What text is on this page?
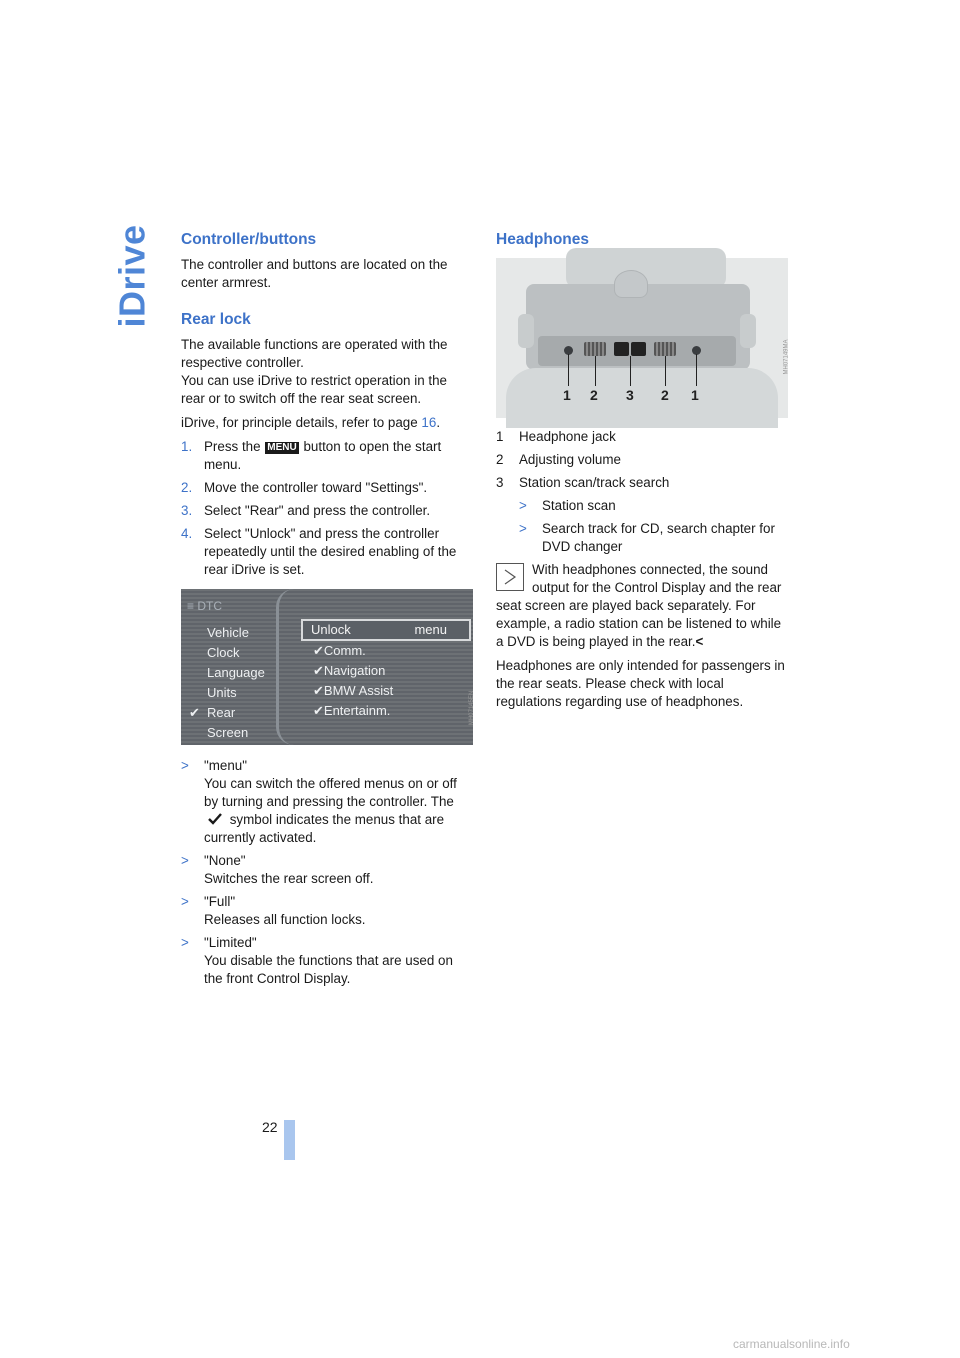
iDrive Controller/buttons

The controller and buttons are located on the center armrest.

Rear lock

The available functions are operated with the respective controller.

You can use iDrive to restrict operation in the rear or to switch off the rear seat screen.

iDrive, for principle details, refer to page 16.

1. Press the MENU button to open the start menu.
2. Move the controller toward "Settings".
3. Select "Rear" and press the controller.
4. Select "Unlock" and press the controller repeatedly until the desired enabling of the rear iDrive is set.
≡ DTC
Vehicle
Clock
Language
Units
✔ Rear
Screen
Unlock	menu
✔Comm.
✔Navigation
✔BMW Assist
✔Entertainm.	MH07145EN
>	"menu"
You can switch the offered menus on or off by turning and pressing the controller. The  symbol indicates the menus that are currently activated.
>	"None"
Switches the rear screen off.
>	"Full"
Releases all function locks.
>	"Limited"
You disable the functions that are used on the front Control Display.
Headphones
1 2 3 2 1
MH07149MA
1	Headphone jack
2	Adjusting volume
3	Station scan/track search
>	Station scan
>	Search track for CD, search chapter for DVD changer
With headphones connected, the sound output for the Control Display and the rear seat screen are played back separately. For example, a radio station can be listened to while a DVD is being played in the rear.<

Headphones are only intended for passengers in the rear seats. Please check with local regulations regarding use of headphones.

22
carmanualsonline.info
